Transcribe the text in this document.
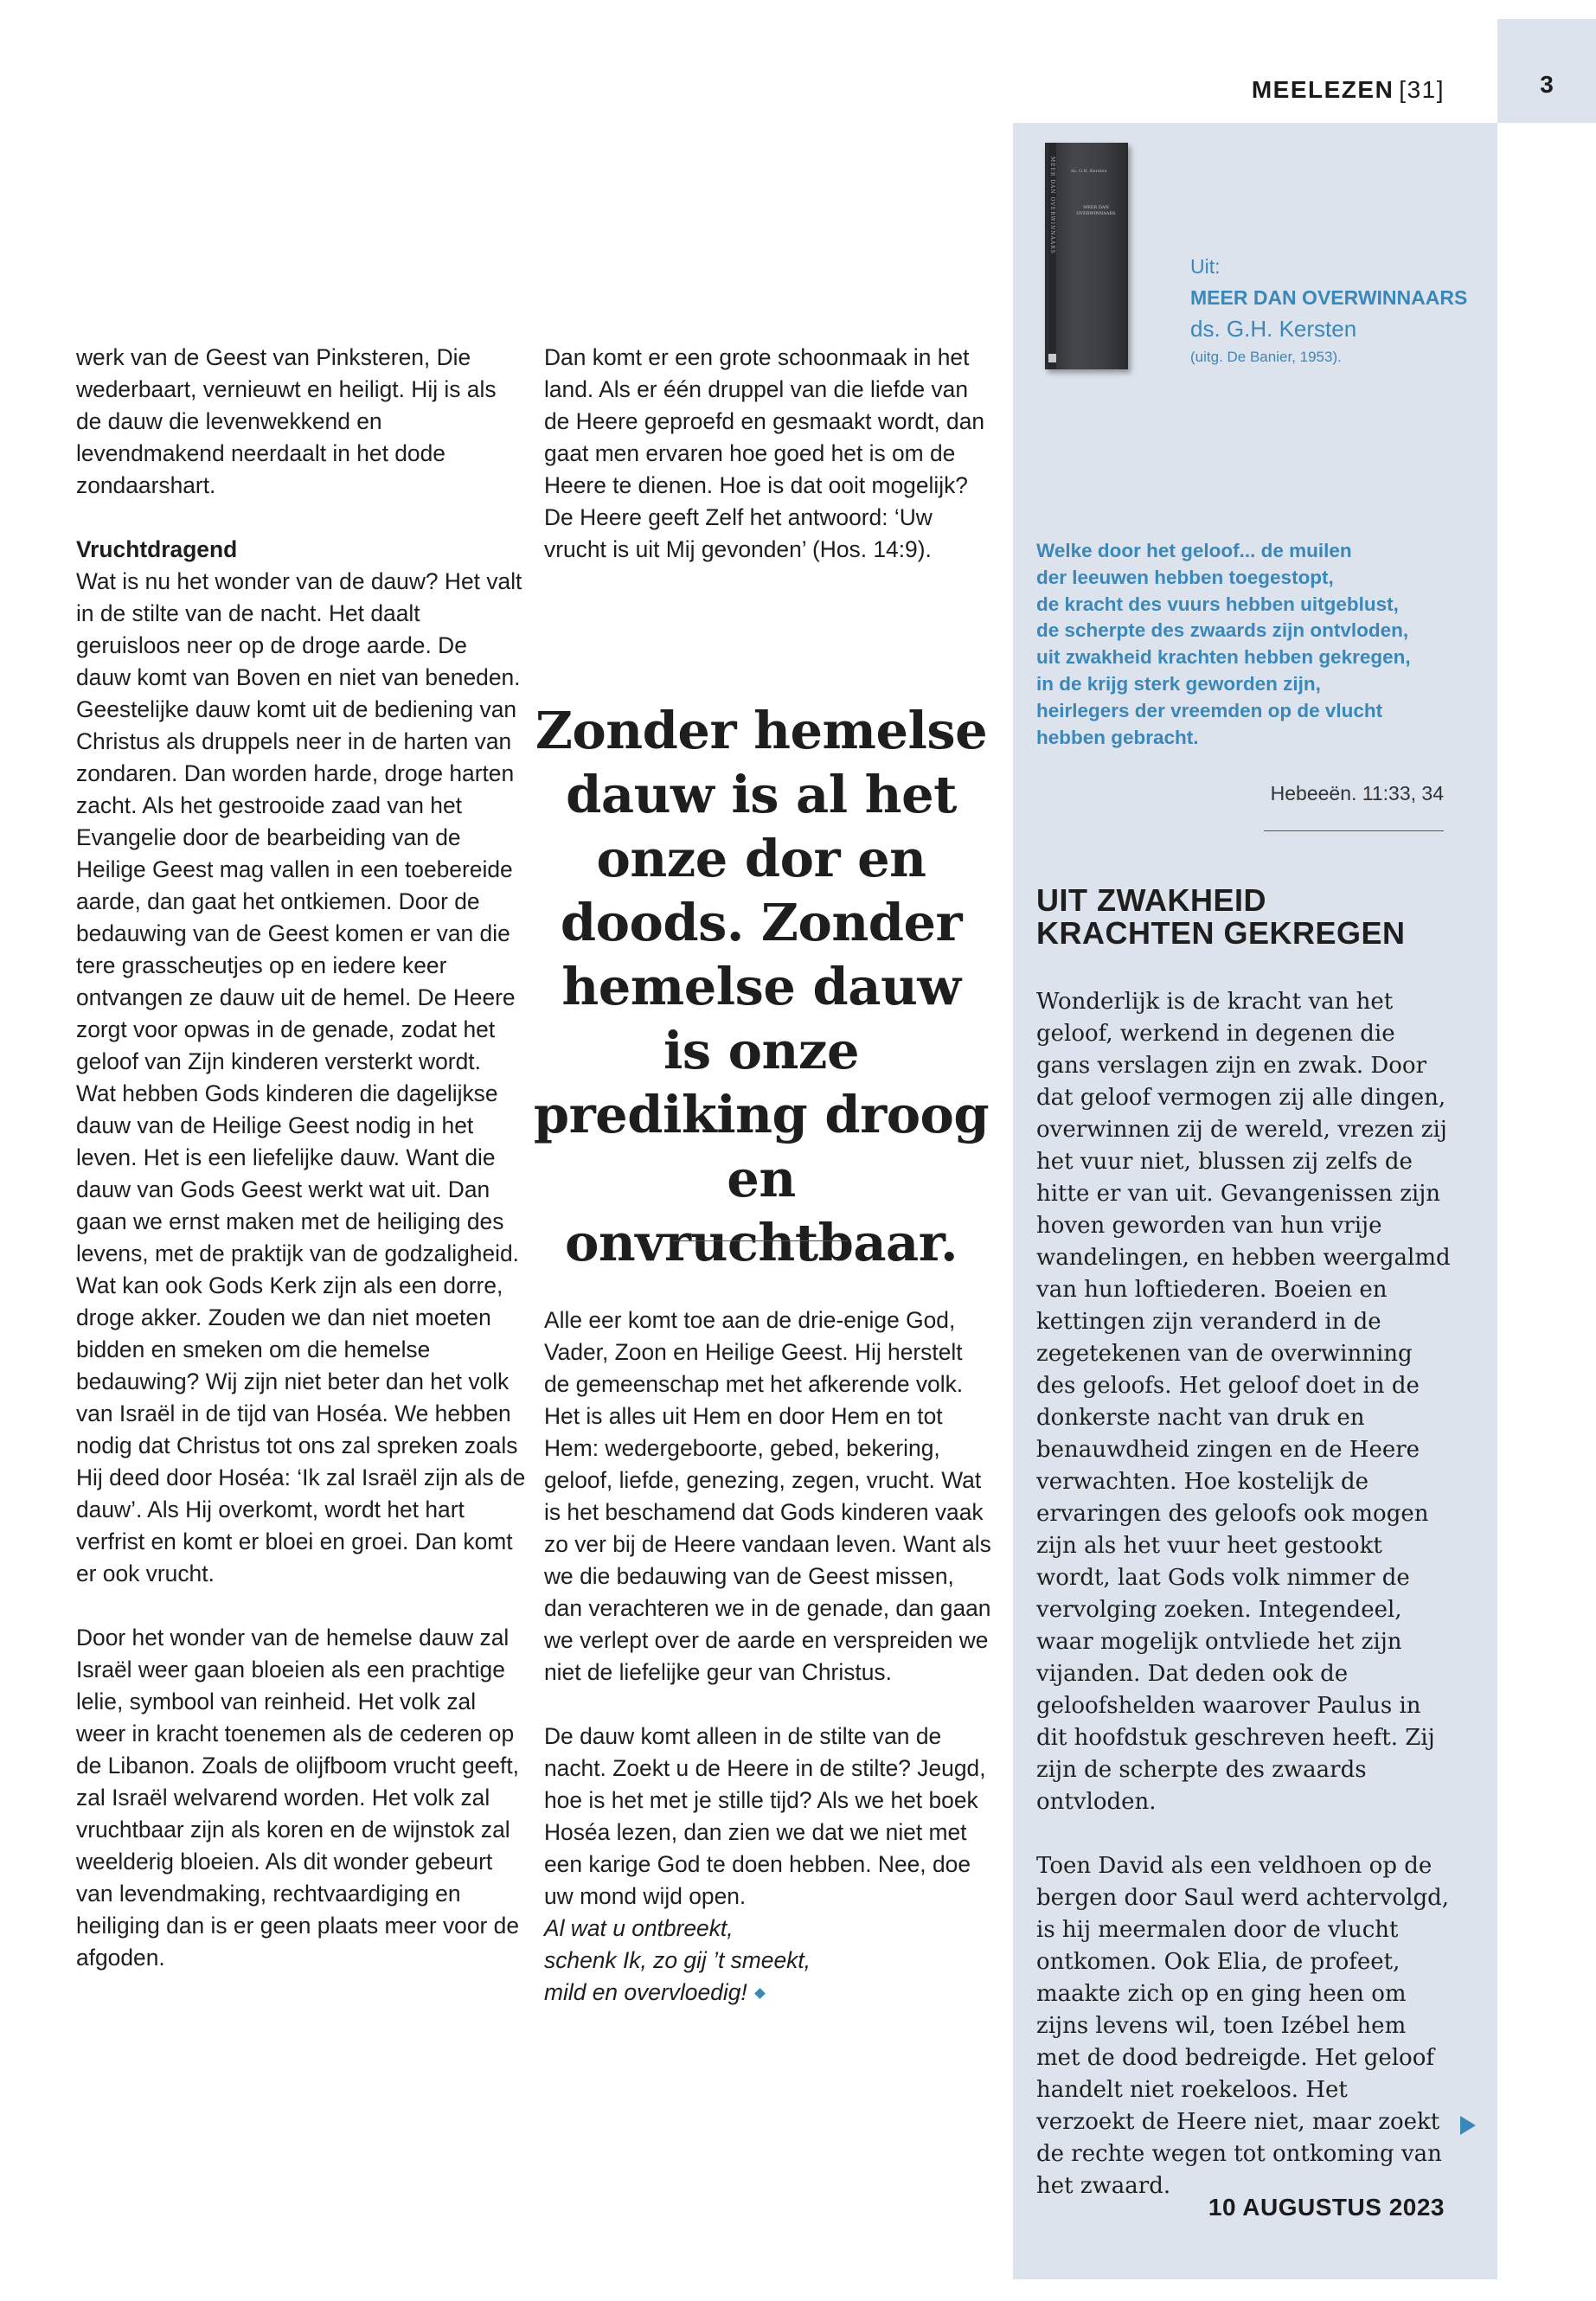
3
MEELEZEN [31]
MEER DAN OVERWINNAARS	ds. G.H. Kersten
MEER DAN OVERWINNAARS
Uit:
MEER DAN OVERWINNAARS
ds. G.H. Kersten
(uitg. De Banier, 1953).
Welke door het geloof... de muilen
der leeuwen hebben toegestopt,
de kracht des vuurs hebben uitgeblust,
de scherpte des zwaards zijn ontvloden,
uit zwakheid krachten hebben gekregen,
in de krijg sterk geworden zijn,
heirlegers der vreemden op de vlucht
hebben gebracht.
Hebeeën. 11:33, 34
UIT ZWAKHEID
KRACHTEN GEKREGEN

Wonderlijk is de kracht van het geloof, werkend in degenen die gans verslagen zijn en zwak. Door dat geloof vermogen zij alle dingen, overwinnen zij de wereld, vrezen zij het vuur niet, blussen zij zelfs de hitte er van uit. Gevangenissen zijn hoven geworden van hun vrije wandelingen, en hebben weergalmd van hun loftiederen. Boeien en kettingen zijn veranderd in de zegetekenen van de overwinning des geloofs. Het geloof doet in de donkerste nacht van druk en benauwdheid zingen en de Heere verwachten. Hoe kostelijk de ervaringen des geloofs ook mogen zijn als het vuur heet gestookt wordt, laat Gods volk nimmer de vervolging zoeken. Integendeel, waar mogelijk ontvliede het zijn vijanden. Dat deden ook de geloofshelden waarover Paulus in dit hoofdstuk geschreven heeft. Zij zijn de scherpte des zwaards ontvloden.

Toen David als een veldhoen op de bergen door Saul werd achtervolgd, is hij meermalen door de vlucht ontkomen. Ook Elia, de profeet, maakte zich op en ging heen om zijns levens wil, toen Izébel hem met de dood bedreigde. Het geloof handelt niet roekeloos. Het verzoekt de Heere niet, maar zoekt de rechte wegen tot ontkoming van het zwaard.

10 AUGUSTUS 2023

werk van de Geest van Pinksteren, Die wederbaart, vernieuwt en heiligt. Hij is als de dauw die levenwekkend en levendmakend neerdaalt in het dode zondaarshart.

Vruchtdragend
Wat is nu het wonder van de dauw? Het valt in de stilte van de nacht. Het daalt geruisloos neer op de droge aarde. De dauw komt van Boven en niet van beneden. Geestelijke dauw komt uit de bediening van Christus als druppels neer in de harten van zondaren. Dan worden harde, droge harten zacht. Als het gestrooide zaad van het Evangelie door de bearbeiding van de Heilige Geest mag vallen in een toebereide aarde, dan gaat het ontkiemen. Door de bedauwing van de Geest komen er van die tere grasscheutjes op en iedere keer ontvangen ze dauw uit de hemel. De Heere zorgt voor opwas in de genade, zodat het geloof van Zijn kinderen versterkt wordt. Wat hebben Gods kinderen die dagelijkse dauw van de Heilige Geest nodig in het leven. Het is een liefelijke dauw. Want die dauw van Gods Geest werkt wat uit. Dan gaan we ernst maken met de heiliging des levens, met de praktijk van de godzaligheid. Wat kan ook Gods Kerk zijn als een dorre, droge akker. Zouden we dan niet moeten bidden en smeken om die hemelse bedauwing? Wij zijn niet beter dan het volk van Israël in de tijd van Hoséa. We hebben nodig dat Christus tot ons zal spreken zoals Hij deed door Hoséa: ‘Ik zal Israël zijn als de dauw’. Als Hij overkomt, wordt het hart verfrist en komt er bloei en groei. Dan komt er ook vrucht.

Door het wonder van de hemelse dauw zal Israël weer gaan bloeien als een prachtige lelie, symbool van reinheid. Het volk zal weer in kracht toenemen als de cederen op de Libanon. Zoals de olijfboom vrucht geeft, zal Israël welvarend worden. Het volk zal vruchtbaar zijn als koren en de wijnstok zal weelderig bloeien. Als dit wonder gebeurt van levendmaking, rechtvaardiging en heiliging dan is er geen plaats meer voor de afgoden.

Dan komt er een grote schoonmaak in het land. Als er één druppel van die liefde van de Heere geproefd en gesmaakt wordt, dan gaat men ervaren hoe goed het is om de Heere te dienen. Hoe is dat ooit mogelijk? De Heere geeft Zelf het antwoord: ‘Uw vrucht is uit Mij gevonden’ (Hos. 14:9).

Zonder hemelse dauw is al het onze dor en doods. Zonder hemelse dauw is onze prediking droog en onvruchtbaar.

Alle eer komt toe aan de drie-enige God, Vader, Zoon en Heilige Geest. Hij herstelt de gemeenschap met het afkerende volk. Het is alles uit Hem en door Hem en tot Hem: wedergeboorte, gebed, bekering, geloof, liefde, genezing, zegen, vrucht. Wat is het beschamend dat Gods kinderen vaak zo ver bij de Heere vandaan leven. Want als we die bedauwing van de Geest missen, dan verachteren we in de genade, dan gaan we verlept over de aarde en verspreiden we niet de liefelijke geur van Christus.

De dauw komt alleen in de stilte van de nacht. Zoekt u de Heere in de stilte? Jeugd, hoe is het met je stille tijd? Als we het boek Hoséa lezen, dan zien we dat we niet met een karige God te doen hebben. Nee, doe uw mond wijd open.
Al wat u ontbreekt,
schenk Ik, zo gij ’t smeekt,
mild en overvloedig!
